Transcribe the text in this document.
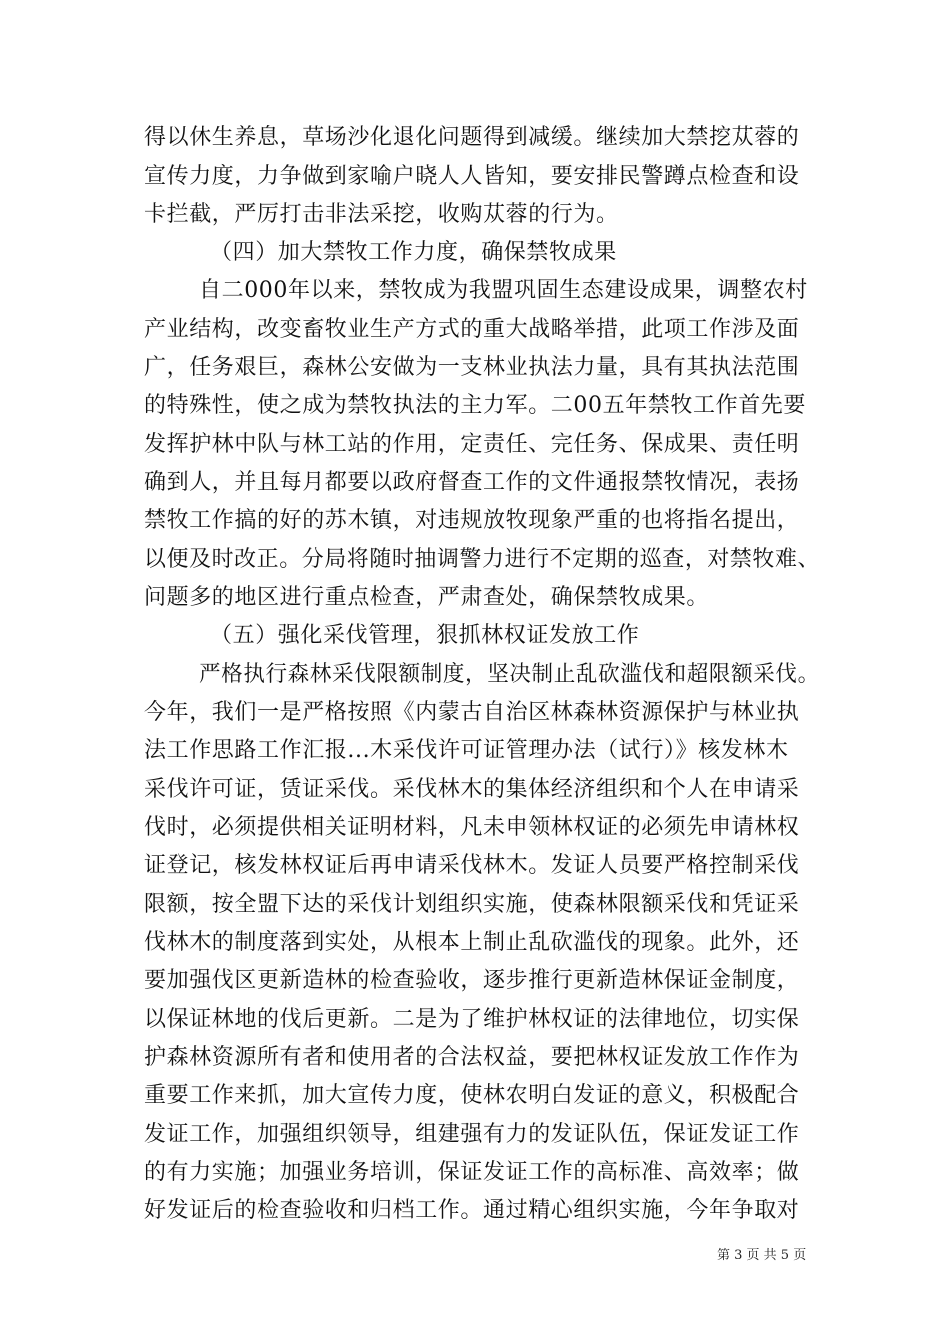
得以休生养息，草场沙化退化问题得到减缓。继续加大禁挖苁蓉的
宣传力度，力争做到家喻户晓人人皆知，要安排民警蹲点检查和设
卡拦截，严厉打击非法采挖，收购苁蓉的行为。
（四）加大禁牧工作力度，确保禁牧成果
自二000年以来，禁牧成为我盟巩固生态建设成果，调整农村
产业结构，改变畜牧业生产方式的重大战略举措，此项工作涉及面
广，任务艰巨，森林公安做为一支林业执法力量，具有其执法范围
的特殊性，使之成为禁牧执法的主力军。二00五年禁牧工作首先要
发挥护林中队与林工站的作用，定责任、完任务、保成果、责任明
确到人，并且每月都要以政府督查工作的文件通报禁牧情况，表扬
禁牧工作搞的好的苏木镇，对违规放牧现象严重的也将指名提出，
以便及时改正。分局将随时抽调警力进行不定期的巡查，对禁牧难、
问题多的地区进行重点检查，严肃查处，确保禁牧成果。
（五）强化采伐管理，狠抓林权证发放工作
严格执行森林采伐限额制度，坚决制止乱砍滥伐和超限额采伐。
今年，我们一是严格按照《内蒙古自治区林森林资源保护与林业执
法工作思路工作汇报...木采伐许可证管理办法（试行）》核发林木
采伐许可证，赁证采伐。采伐林木的集体经济组织和个人在申请采
伐时，必须提供相关证明材料，凡未申领林权证的必须先申请林权
证登记，核发林权证后再申请采伐林木。发证人员要严格控制采伐
限额，按全盟下达的采伐计划组织实施，使森林限额采伐和凭证采
伐林木的制度落到实处，从根本上制止乱砍滥伐的现象。此外，还
要加强伐区更新造林的检查验收，逐步推行更新造林保证金制度，
以保证林地的伐后更新。二是为了维护林权证的法律地位，切实保
护森林资源所有者和使用者的合法权益，要把林权证发放工作作为
重要工作来抓，加大宣传力度，使林农明白发证的意义，积极配合
发证工作，加强组织领导，组建强有力的发证队伍，保证发证工作
的有力实施；加强业务培训，保证发证工作的高标准、高效率；做
好发证后的检查验收和归档工作。通过精心组织实施，今年争取对
第 3 页 共 5 页
